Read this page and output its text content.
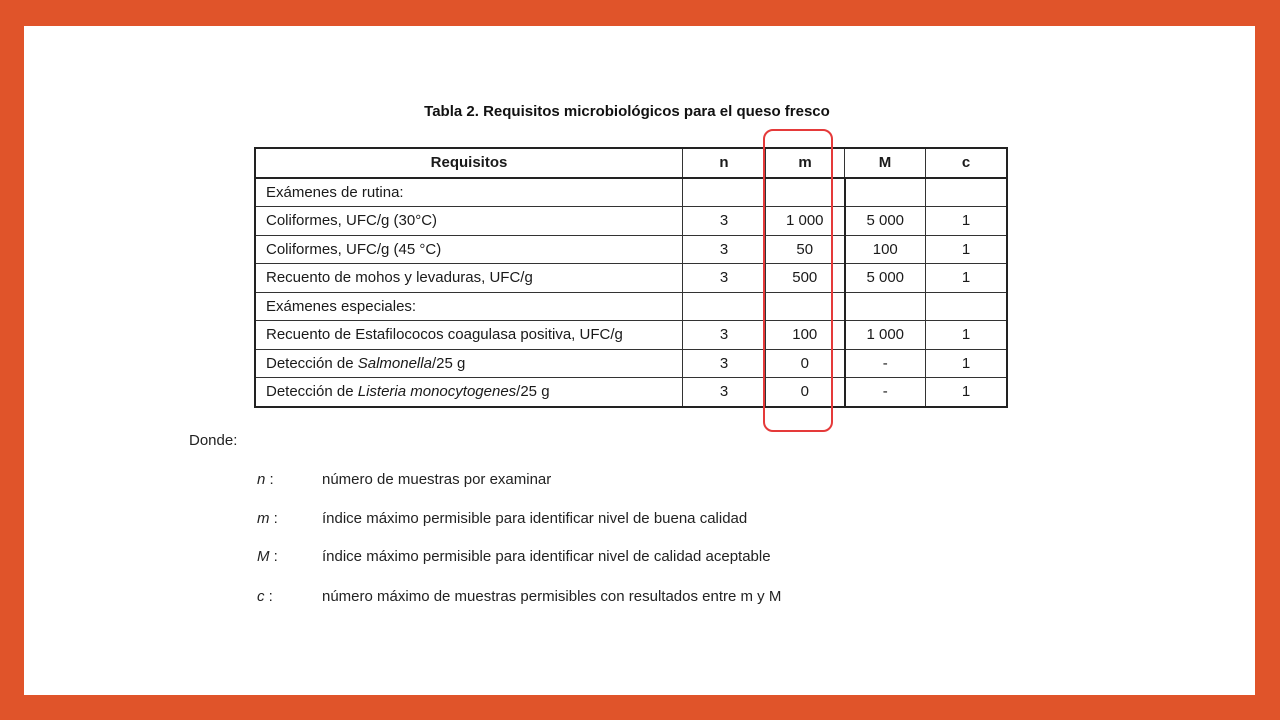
Tabla 2. Requisitos microbiológicos para el queso fresco
Requisitos	n	m	M	c
Exámenes de rutina:				
Coliformes, UFC/g (30°C)	3	1 000	5 000	1
Coliformes, UFC/g (45 °C)	3	50	100	1
Recuento de mohos y levaduras, UFC/g	3	500	5 000	1
Exámenes especiales:				
Recuento de Estafilococos coagulasa positiva, UFC/g	3	100	1 000	1
Detección de Salmonella/25 g	3	0	-	1
Detección de Listeria monocytogenes/25 g	3	0	-	1
Donde:
n :	número de muestras por examinar
m :	índice máximo permisible para identificar nivel de buena calidad
M :	índice máximo permisible para identificar nivel de calidad aceptable
c :	número máximo de muestras permisibles con resultados entre m y M
